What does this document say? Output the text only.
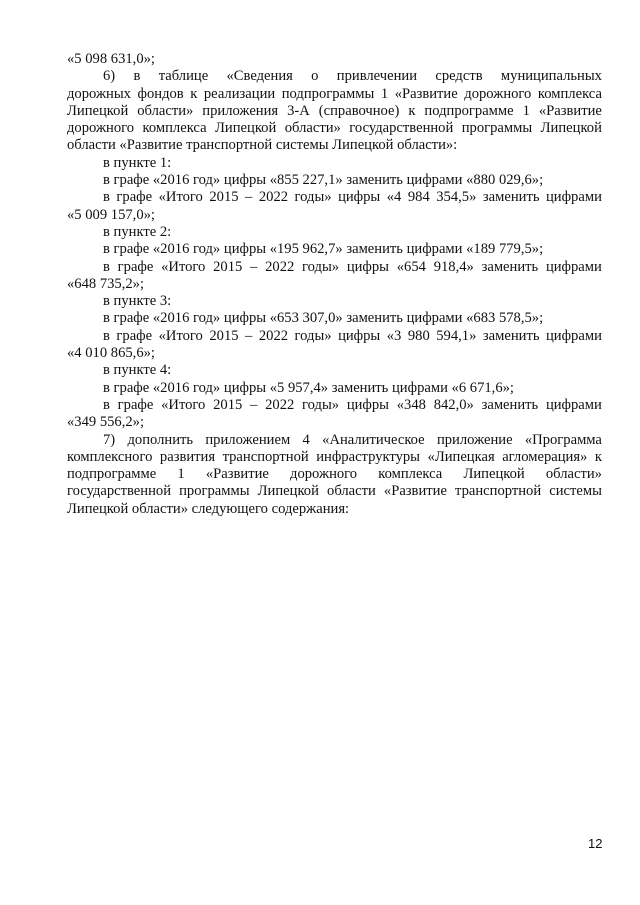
«5 098 631,0»;
6) в таблице «Сведения о привлечении средств муниципальных
дорожных фондов к реализации подпрограммы 1 «Развитие дорожного комплекса
Липецкой области» приложения 3-А (справочное) к подпрограмме 1 «Развитие
дорожного комплекса Липецкой области» государственной программы Липецкой
области «Развитие транспортной системы Липецкой области»:
в пункте 1:
в графе «2016 год» цифры «855 227,1» заменить цифрами «880 029,6»;
в графе «Итого 2015 – 2022 годы» цифры «4 984 354,5» заменить цифрами
«5 009 157,0»;
в пункте 2:
в графе «2016 год» цифры «195 962,7» заменить цифрами «189 779,5»;
в графе «Итого 2015 – 2022 годы» цифры «654 918,4» заменить цифрами
«648 735,2»;
в пункте 3:
в графе «2016 год» цифры «653 307,0» заменить цифрами «683 578,5»;
в графе «Итого 2015 – 2022 годы» цифры «3 980 594,1» заменить цифрами
«4 010 865,6»;
в пункте 4:
в графе «2016 год» цифры «5 957,4» заменить цифрами «6 671,6»;
в графе «Итого 2015 – 2022 годы» цифры «348 842,0» заменить цифрами
«349 556,2»;
7) дополнить приложением 4 «Аналитическое приложение «Программа
комплексного развития транспортной инфраструктуры «Липецкая агломерация» к
подпрограмме 1 «Развитие дорожного комплекса Липецкой области»
государственной программы Липецкой области «Развитие транспортной системы
Липецкой области» следующего содержания:
12
